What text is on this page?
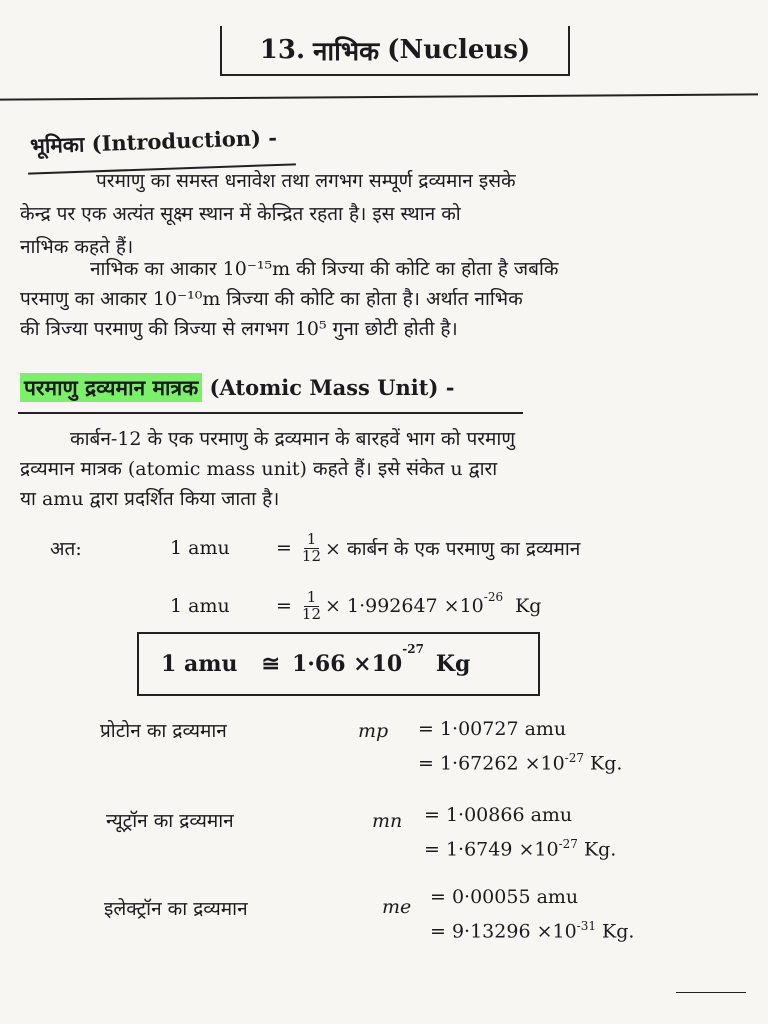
13. नाभिक (Nucleus)
भूमिका (Introduction) -
परमाणु का समस्त धनावेश तथा लगभग सम्पूर्ण द्रव्यमान इसके
केन्द्र पर एक अत्यंत सूक्ष्म स्थान में केन्द्रित रहता है। इस स्थान को
नाभिक कहते हैं।
नाभिक का आकार 10⁻¹⁵m की त्रिज्या की कोटि का होता है जबकि
परमाणु का आकार 10⁻¹⁰m त्रिज्या की कोटि का होता है। अर्थात नाभिक
की त्रिज्या परमाणु की त्रिज्या से लगभग 10⁵ गुना छोटी होती है।
परमाणु द्रव्यमान मात्रक (Atomic Mass Unit) -
कार्बन-12 के एक परमाणु के द्रव्यमान के बारहवें भाग को परमाणु
द्रव्यमान मात्रक (atomic mass unit) कहते हैं। इसे संकेत u द्वारा
या amu द्वारा प्रदर्शित किया जाता है।
अत:	1 amu	= $\frac{1}{12}$ × कार्बन के एक परमाणु का द्रव्यमान
1 amu	= $\frac{1}{12} \times 1\cdot 992647 \times 10^{-26}$ Kg
1 amu ≅ 1·66 ×10
$^{-27}$
Kg
प्रोटोन का द्रव्यमान	mp = 1·00727 amu
= $1\cdot 67262 \times 10^{-27}$ Kg.
न्यूट्रॉन का द्रव्यमान	mn = 1·00866 amu
= $1\cdot 6749 \times 10^{-27}$ Kg.
इलेक्ट्रॉन का द्रव्यमान	me = 0·00055 amu
= $9\cdot 13296 \times 10^{-31}$ Kg.
